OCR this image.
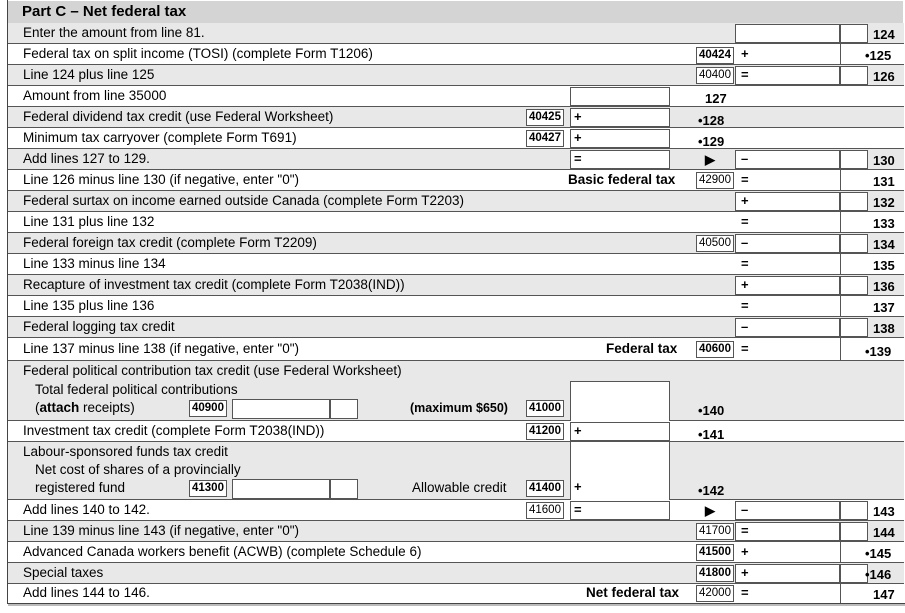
Part C – Net federal tax
Enter the amount from line 81.	124
Federal tax on split income (TOSI) (complete Form T1206)	40424 +	•125
Line 124 plus line 125	40400 =	126
Amount from line 35000	127
Federal dividend tax credit (use Federal Worksheet)	40425 +	•128
Minimum tax carryover (complete Form T691)	40427 +	•129
Add lines 127 to 129.	=	▶ –	130
Line 126 minus line 130 (if negative, enter "0")	Basic federal tax 42900 =	131
Federal surtax on income earned outside Canada (complete Form T2203)	+	132
Line 131 plus line 132	=	133
Federal foreign tax credit (complete Form T2209)	40500 –	134
Line 133 minus line 134	=	135
Recapture of investment tax credit (complete Form T2038(IND))	+	136
Line 135 plus line 136	=	137
Federal logging tax credit	–	138
Line 137 minus line 138 (if negative, enter "0")	Federal tax 40600 =	•139
Federal political contribution tax credit (use Federal Worksheet)
Total federal political contributions
(attach receipts)	40900	(maximum $650) 41000	•140
Investment tax credit (complete Form T2038(IND))	41200 +	•141
Labour-sponsored funds tax credit
Net cost of shares of a provincially
registered fund	41300	Allowable credit 41400 +	•142
Add lines 140 to 142.	41600 =	▶ –	143
Line 139 minus line 143 (if negative, enter "0")	41700 =	144
Advanced Canada workers benefit (ACWB) (complete Schedule 6)	41500 +	•145
Special taxes	41800 +	•146
Add lines 144 to 146.	Net federal tax 42000 =	147
